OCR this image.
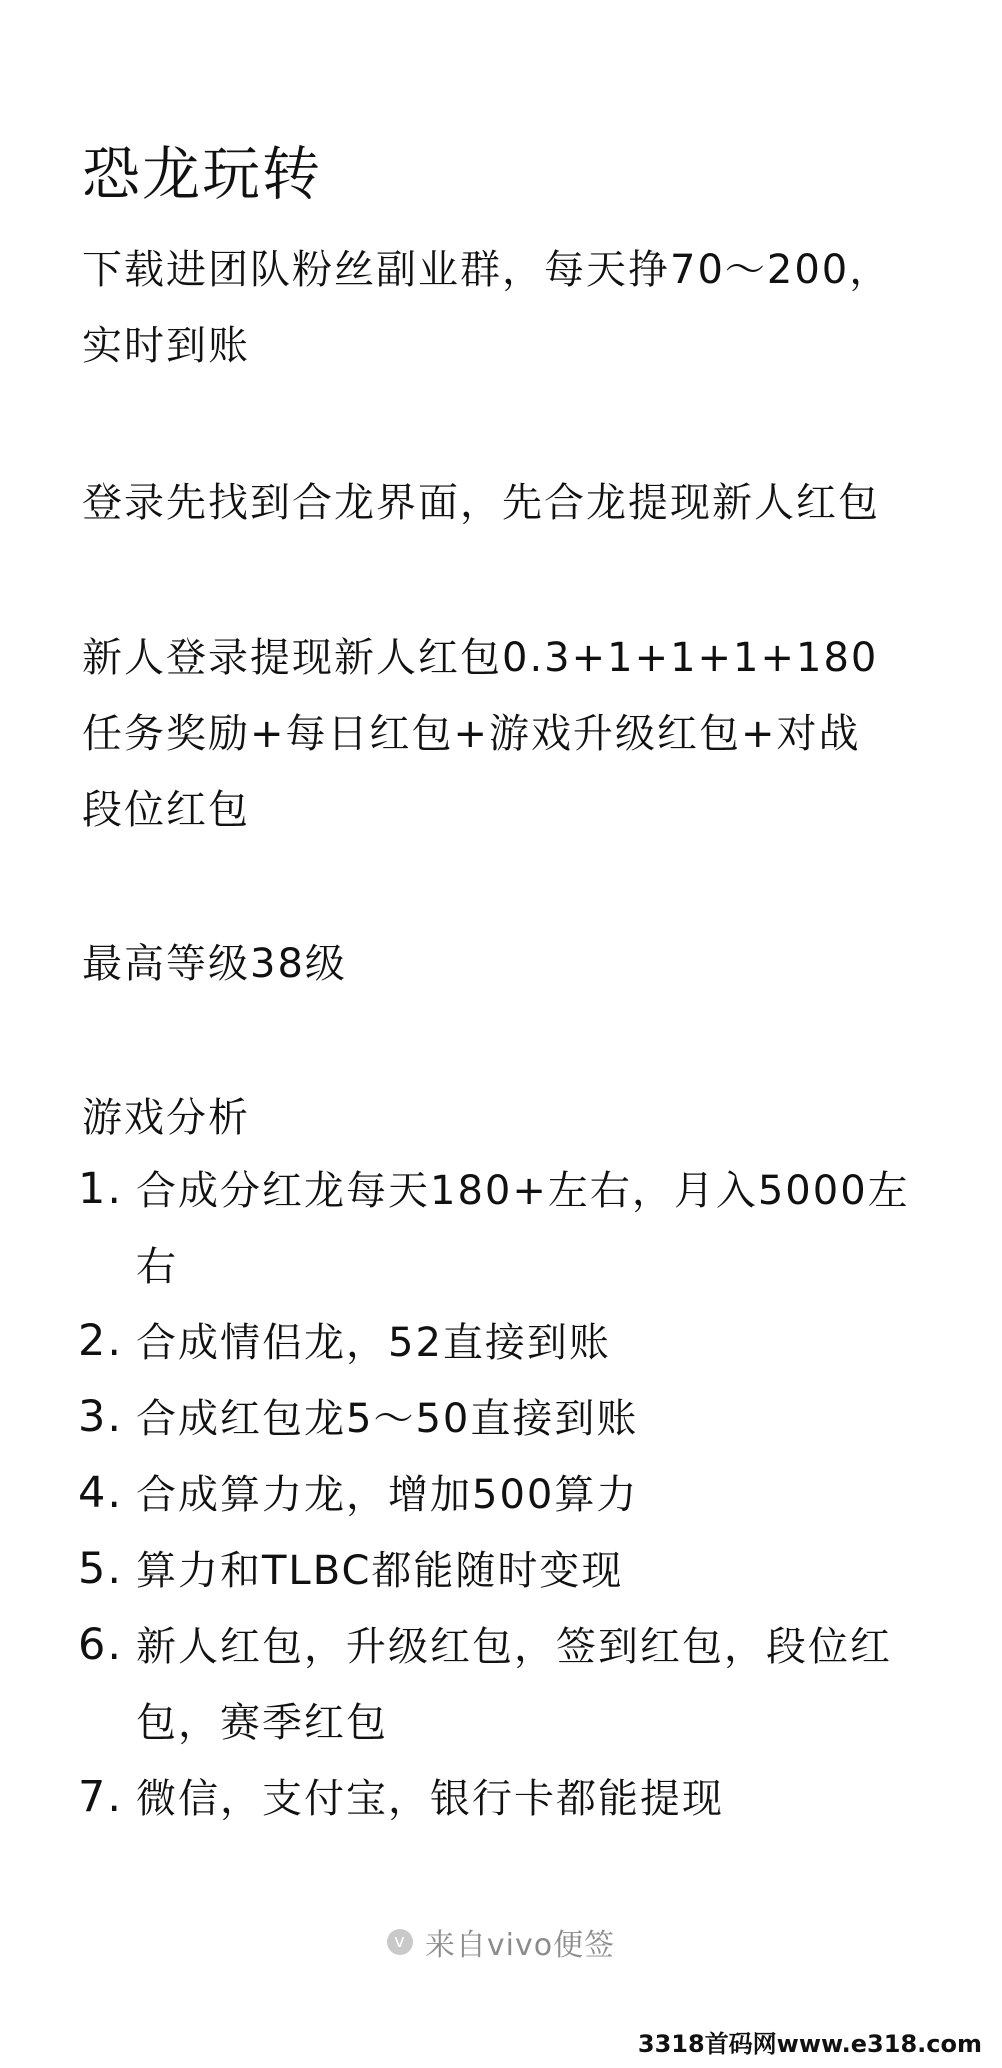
恐龙玩转
下载进团队粉丝副业群，每天挣70～200，
实时到账
登录先找到合龙界面，先合龙提现新人红包
新人登录提现新人红包0.3+1+1+1+180
任务奖励+每日红包+游戏升级红包+对战
段位红包
最高等级38级
游戏分析
1. 合成分红龙每天180+左右，月入5000左右
2. 合成情侣龙，52直接到账
3. 合成红包龙5～50直接到账
4. 合成算力龙，增加500算力
5. 算力和TLBC都能随时变现
6. 新人红包，升级红包，签到红包，段位红
包，赛季红包
7. 微信，支付宝，银行卡都能提现
v 来自vivo便签
3318首码网www.e318.com
